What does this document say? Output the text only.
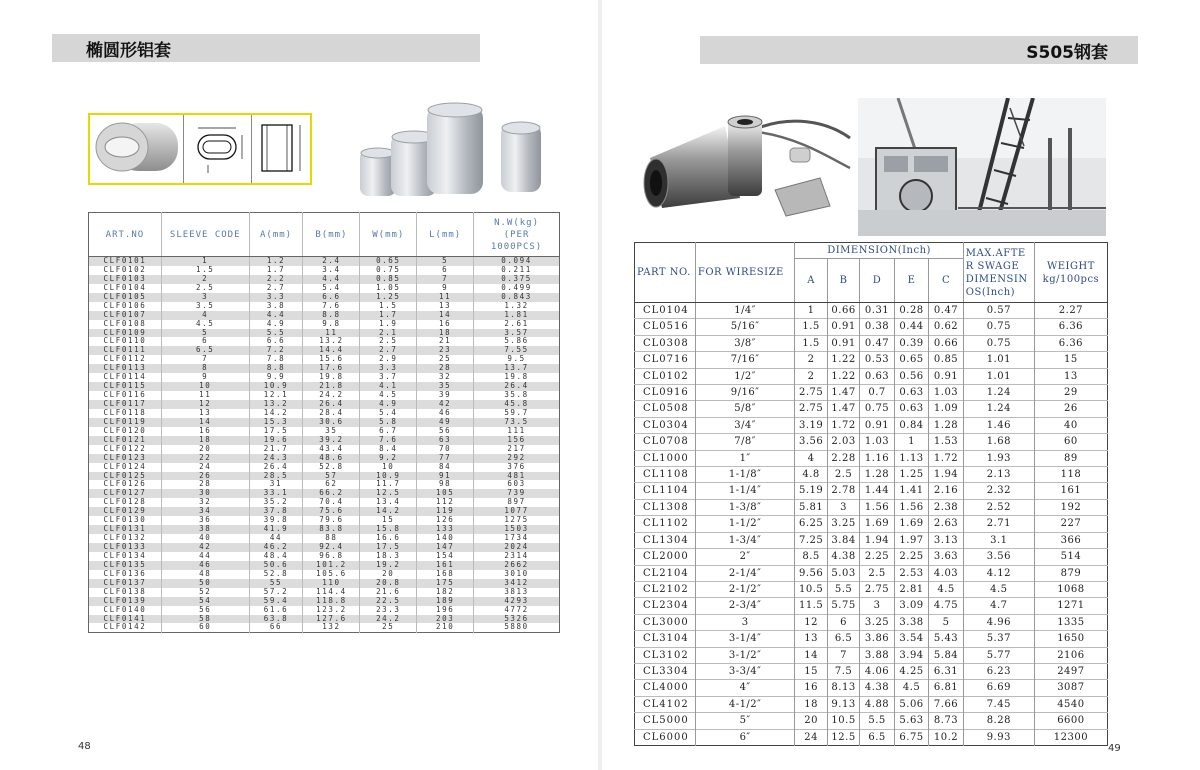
椭圆形铝套
ART.NO	SLEEVE CODE	A(mm)	B(mm)	W(mm)	L(mm)	N.W(kg)
(PER
1000PCS)
CLF0101	1	1.2	2.4	0.65	5	0.094
CLF0102	1.5	1.7	3.4	0.75	6	0.211
CLF0103	2	2.2	4.4	0.85	7	0.375
CLF0104	2.5	2.7	5.4	1.05	9	0.499
CLF0105	3	3.3	6.6	1.25	11	0.843
CLF0106	3.5	3.8	7.6	1.5	13	1.32
CLF0107	4	4.4	8.8	1.7	14	1.81
CLF0108	4.5	4.9	9.8	1.9	16	2.61
CLF0109	5	5.5	11	2.1	18	3.57
CLF0110	6	6.6	13.2	2.5	21	5.86
CLF0111	6.5	7.2	14.4	2.7	23	7.55
CLF0112	7	7.8	15.6	2.9	25	9.5
CLF0113	8	8.8	17.6	3.3	28	13.7
CLF0114	9	9.9	19.8	3.7	32	19.8
CLF0115	10	10.9	21.8	4.1	35	26.4
CLF0116	11	12.1	24.2	4.5	39	35.8
CLF0117	12	13.2	26.4	4.9	42	45.8
CLF0118	13	14.2	28.4	5.4	46	59.7
CLF0119	14	15.3	30.6	5.8	49	73.5
CLF0120	16	17.5	35	6.7	56	111
CLF0121	18	19.6	39.2	7.6	63	156
CLF0122	20	21.7	43.4	8.4	70	217
CLF0123	22	24.3	48.6	9.2	77	292
CLF0124	24	26.4	52.8	10	84	376
CLF0125	26	28.5	57	10.9	91	481
CLF0126	28	31	62	11.7	98	603
CLF0127	30	33.1	66.2	12.5	105	739
CLF0128	32	35.2	70.4	13.4	112	897
CLF0129	34	37.8	75.6	14.2	119	1077
CLF0130	36	39.8	79.6	15	126	1275
CLF0131	38	41.9	83.8	15.8	133	1503
CLF0132	40	44	88	16.6	140	1734
CLF0133	42	46.2	92.4	17.5	147	2024
CLF0134	44	48.4	96.8	18.3	154	2314
CLF0135	46	50.6	101.2	19.2	161	2662
CLF0136	48	52.8	105.6	20	168	3010
CLF0137	50	55	110	20.8	175	3412
CLF0138	52	57.2	114.4	21.6	182	3813
CLF0139	54	59.4	118.8	22.5	189	4293
CLF0140	56	61.6	123.2	23.3	196	4772
CLF0141	58	63.8	127.6	24.2	203	5326
CLF0142	60	66	132	25	210	5880
48
S505钢套
PART NO.	FOR WIRESIZE	DIMENSION(Inch)					MAX.AFTE
R SWAGE
DIMENSIN
OS(Inch)	WEIGHT
kg/100pcs
		A	B	D	E	C		
CL0104	1/4″	1	0.66	0.31	0.28	0.47	0.57	2.27
CL0516	5/16″	1.5	0.91	0.38	0.44	0.62	0.75	6.36
CL0308	3/8″	1.5	0.91	0.47	0.39	0.66	0.75	6.36
CL0716	7/16″	2	1.22	0.53	0.65	0.85	1.01	15
CL0102	1/2″	2	1.22	0.63	0.56	0.91	1.01	13
CL0916	9/16″	2.75	1.47	0.7	0.63	1.03	1.24	29
CL0508	5/8″	2.75	1.47	0.75	0.63	1.09	1.24	26
CL0304	3/4″	3.19	1.72	0.91	0.84	1.28	1.46	40
CL0708	7/8″	3.56	2.03	1.03	1	1.53	1.68	60
CL1000	1″	4	2.28	1.16	1.13	1.72	1.93	89
CL1108	1-1/8″	4.8	2.5	1.28	1.25	1.94	2.13	118
CL1104	1-1/4″	5.19	2.78	1.44	1.41	2.16	2.32	161
CL1308	1-3/8″	5.81	3	1.56	1.56	2.38	2.52	192
CL1102	1-1/2″	6.25	3.25	1.69	1.69	2.63	2.71	227
CL1304	1-3/4″	7.25	3.84	1.94	1.97	3.13	3.1	366
CL2000	2″	8.5	4.38	2.25	2.25	3.63	3.56	514
CL2104	2-1/4″	9.56	5.03	2.5	2.53	4.03	4.12	879
CL2102	2-1/2″	10.5	5.5	2.75	2.81	4.5	4.5	1068
CL2304	2-3/4″	11.5	5.75	3	3.09	4.75	4.7	1271
CL3000	3	12	6	3.25	3.38	5	4.96	1335
CL3104	3-1/4″	13	6.5	3.86	3.54	5.43	5.37	1650
CL3102	3-1/2″	14	7	3.88	3.94	5.84	5.77	2106
CL3304	3-3/4″	15	7.5	4.06	4.25	6.31	6.23	2497
CL4000	4″	16	8.13	4.38	4.5	6.81	6.69	3087
CL4102	4-1/2″	18	9.13	4.88	5.06	7.66	7.45	4540
CL5000	5″	20	10.5	5.5	5.63	8.73	8.28	6600
CL6000	6″	24	12.5	6.5	6.75	10.2	9.93	12300
49
